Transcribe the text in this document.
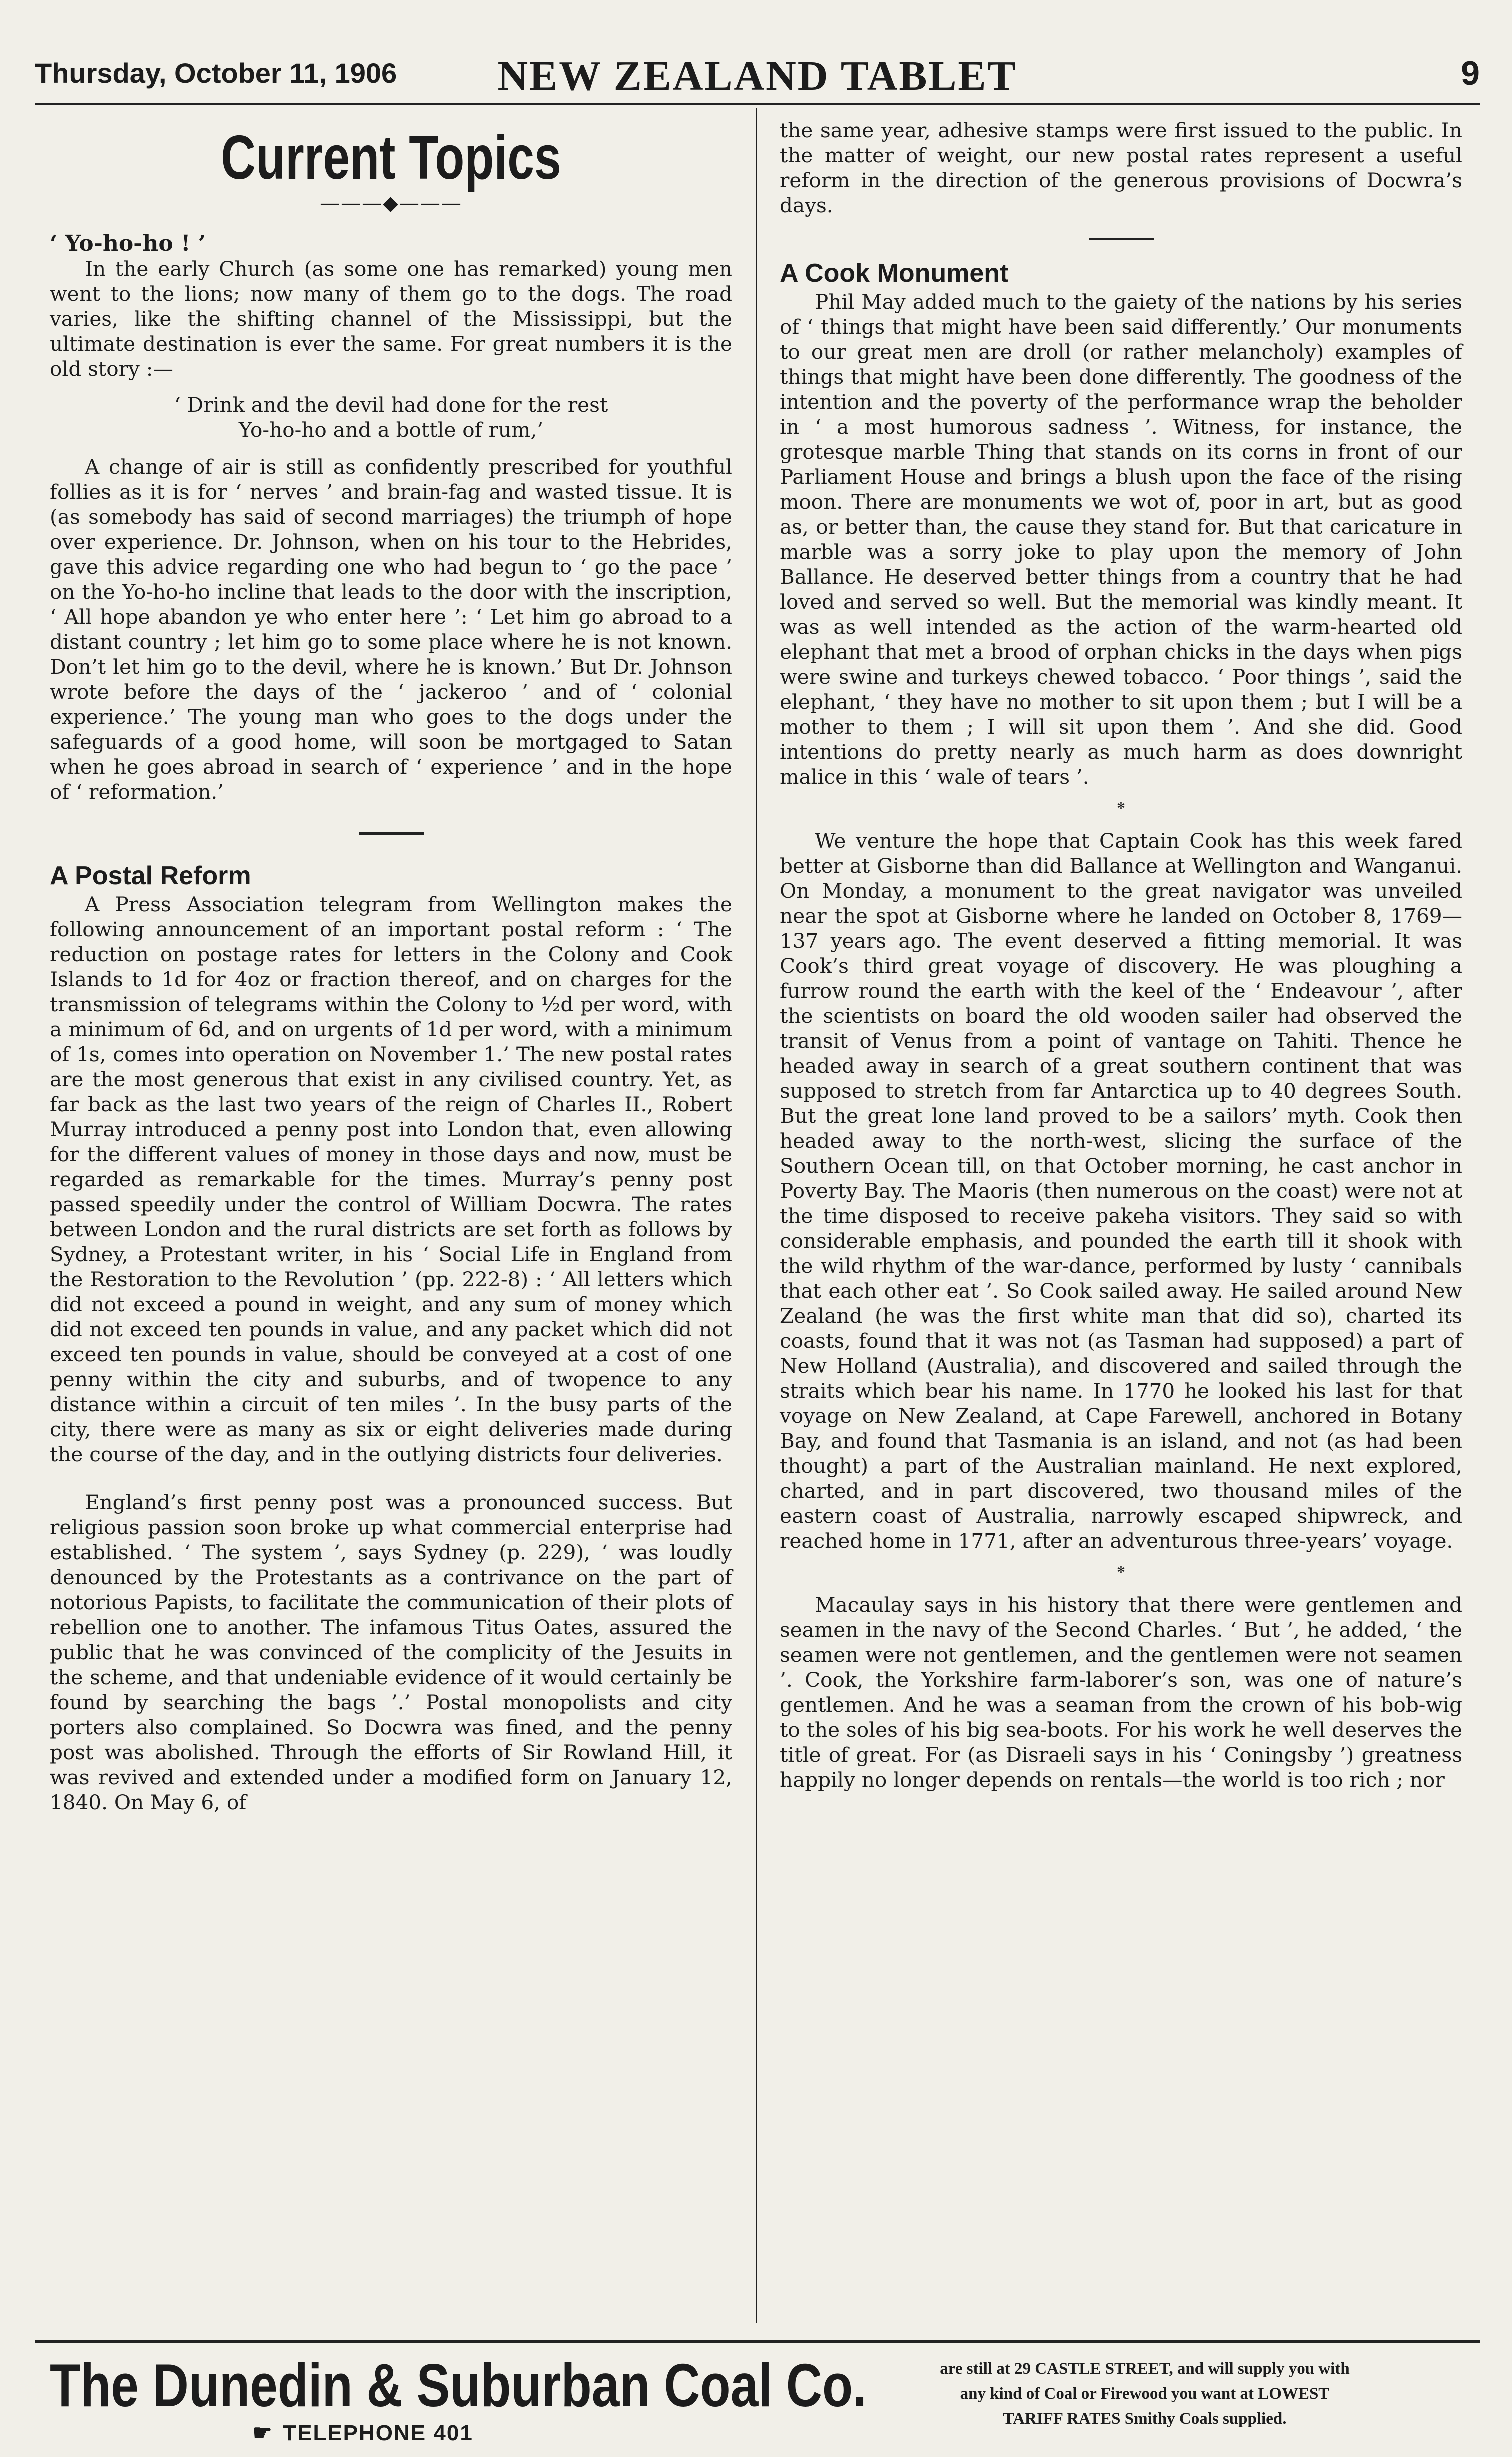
Thursday, October 11, 1906	NEW ZEALAND TABLET	9
Current Topics
———◆———

‘ Yo-ho-ho ! ’

In the early Church (as some one has remarked) young men went to the lions; now many of them go to the dogs. The road varies, like the shifting channel of the Mississippi, but the ultimate destination is ever the same. For great numbers it is the old story :—

‘ Drink and the devil had done for the rest
Yo-ho-ho and a bottle of rum,’

A change of air is still as confidently prescribed for youthful follies as it is for ‘ nerves ’ and brain-fag and wasted tissue. It is (as somebody has said of second marriages) the triumph of hope over experience. Dr. Johnson, when on his tour to the Hebrides, gave this advice regarding one who had begun to ‘ go the pace ’ on the Yo-ho-ho incline that leads to the door with the inscription, ‘ All hope abandon ye who enter here ’: ‘ Let him go abroad to a distant country ; let him go to some place where he is not known. Don’t let him go to the devil, where he is known.’ But Dr. Johnson wrote before the days of the ‘ jackeroo ’ and of ‘ colonial experience.’ The young man who goes to the dogs under the safeguards of a good home, will soon be mortgaged to Satan when he goes abroad in search of ‘ experience ’ and in the hope of ‘ reformation.’

A Postal Reform

A Press Association telegram from Wellington makes the following announcement of an important postal reform : ‘ The reduction on postage rates for letters in the Colony and Cook Islands to 1d for 4oz or fraction thereof, and on charges for the transmission of telegrams within the Colony to ½d per word, with a minimum of 6d, and on urgents of 1d per word, with a minimum of 1s, comes into operation on November 1.’ The new postal rates are the most generous that exist in any civilised country. Yet, as far back as the last two years of the reign of Charles II., Robert Murray introduced a penny post into London that, even allowing for the different values of money in those days and now, must be regarded as remarkable for the times. Murray’s penny post passed speedily under the control of William Docwra. The rates between London and the rural districts are set forth as follows by Sydney, a Protestant writer, in his ‘ Social Life in England from the Restoration to the Revolution ’ (pp. 222-8) : ‘ All letters which did not exceed a pound in weight, and any sum of money which did not exceed ten pounds in value, and any packet which did not exceed ten pounds in value, should be conveyed at a cost of one penny within the city and suburbs, and of twopence to any distance within a circuit of ten miles ’. In the busy parts of the city, there were as many as six or eight deliveries made during the course of the day, and in the outlying districts four deliveries.

England’s first penny post was a pronounced success. But religious passion soon broke up what commercial enterprise had established. ‘ The system ’, says Sydney (p. 229), ‘ was loudly denounced by the Protestants as a contrivance on the part of notorious Papists, to facilitate the communication of their plots of rebellion one to another. The infamous Titus Oates, assured the public that he was convinced of the complicity of the Jesuits in the scheme, and that undeniable evidence of it would certainly be found by searching the bags ’.’ Postal monopolists and city porters also complained. So Docwra was fined, and the penny post was abolished. Through the efforts of Sir Rowland Hill, it was revived and extended under a modified form on January 12, 1840. On May 6, of

the same year, adhesive stamps were first issued to the public. In the matter of weight, our new postal rates represent a useful reform in the direction of the generous provisions of Docwra’s days.

A Cook Monument

Phil May added much to the gaiety of the nations by his series of ‘ things that might have been said differently.’ Our monuments to our great men are droll (or rather melancholy) examples of things that might have been done differently. The goodness of the intention and the poverty of the performance wrap the beholder in ‘ a most humorous sadness ’. Witness, for instance, the grotesque marble Thing that stands on its corns in front of our Parliament House and brings a blush upon the face of the rising moon. There are monuments we wot of, poor in art, but as good as, or better than, the cause they stand for. But that caricature in marble was a sorry joke to play upon the memory of John Ballance. He deserved better things from a country that he had loved and served so well. But the memorial was kindly meant. It was as well intended as the action of the warm-hearted old elephant that met a brood of orphan chicks in the days when pigs were swine and turkeys chewed tobacco. ‘ Poor things ’, said the elephant, ‘ they have no mother to sit upon them ; but I will be a mother to them ; I will sit upon them ’. And she did. Good intentions do pretty nearly as much harm as does downright malice in this ‘ wale of tears ’.

*

We venture the hope that Captain Cook has this week fared better at Gisborne than did Ballance at Wellington and Wanganui. On Monday, a monument to the great navigator was unveiled near the spot at Gisborne where he landed on October 8, 1769—137 years ago. The event deserved a fitting memorial. It was Cook’s third great voyage of discovery. He was ploughing a furrow round the earth with the keel of the ‘ Endeavour ’, after the scientists on board the old wooden sailer had observed the transit of Venus from a point of vantage on Tahiti. Thence he headed away in search of a great southern continent that was supposed to stretch from far Antarctica up to 40 degrees South. But the great lone land proved to be a sailors’ myth. Cook then headed away to the north-west, slicing the surface of the Southern Ocean till, on that October morning, he cast anchor in Poverty Bay. The Maoris (then numerous on the coast) were not at the time disposed to receive pakeha visitors. They said so with considerable emphasis, and pounded the earth till it shook with the wild rhythm of the war-dance, performed by lusty ‘ cannibals that each other eat ’. So Cook sailed away. He sailed around New Zealand (he was the first white man that did so), charted its coasts, found that it was not (as Tasman had supposed) a part of New Holland (Australia), and discovered and sailed through the straits which bear his name. In 1770 he looked his last for that voyage on New Zealand, at Cape Farewell, anchored in Botany Bay, and found that Tasmania is an island, and not (as had been thought) a part of the Australian mainland. He next explored, charted, and in part discovered, two thousand miles of the eastern coast of Australia, narrowly escaped shipwreck, and reached home in 1771, after an adventurous three-years’ voyage.

*

Macaulay says in his history that there were gentlemen and seamen in the navy of the Second Charles. ‘ But ’, he added, ‘ the seamen were not gentlemen, and the gentlemen were not seamen ’. Cook, the Yorkshire farm-laborer’s son, was one of nature’s gentlemen. And he was a seaman from the crown of his bob-wig to the soles of his big sea-boots. For his work he well deserves the title of great. For (as Disraeli says in his ‘ Coningsby ’) greatness happily no longer depends on rentals—the world is too rich ; nor

The Dunedin & Suburban Coal Co.
☛ TELEPHONE 401
are still at 29 CASTLE STREET, and will supply you with
any kind of Coal or Firewood you want at LOWEST
TARIFF RATES Smithy Coals supplied.
